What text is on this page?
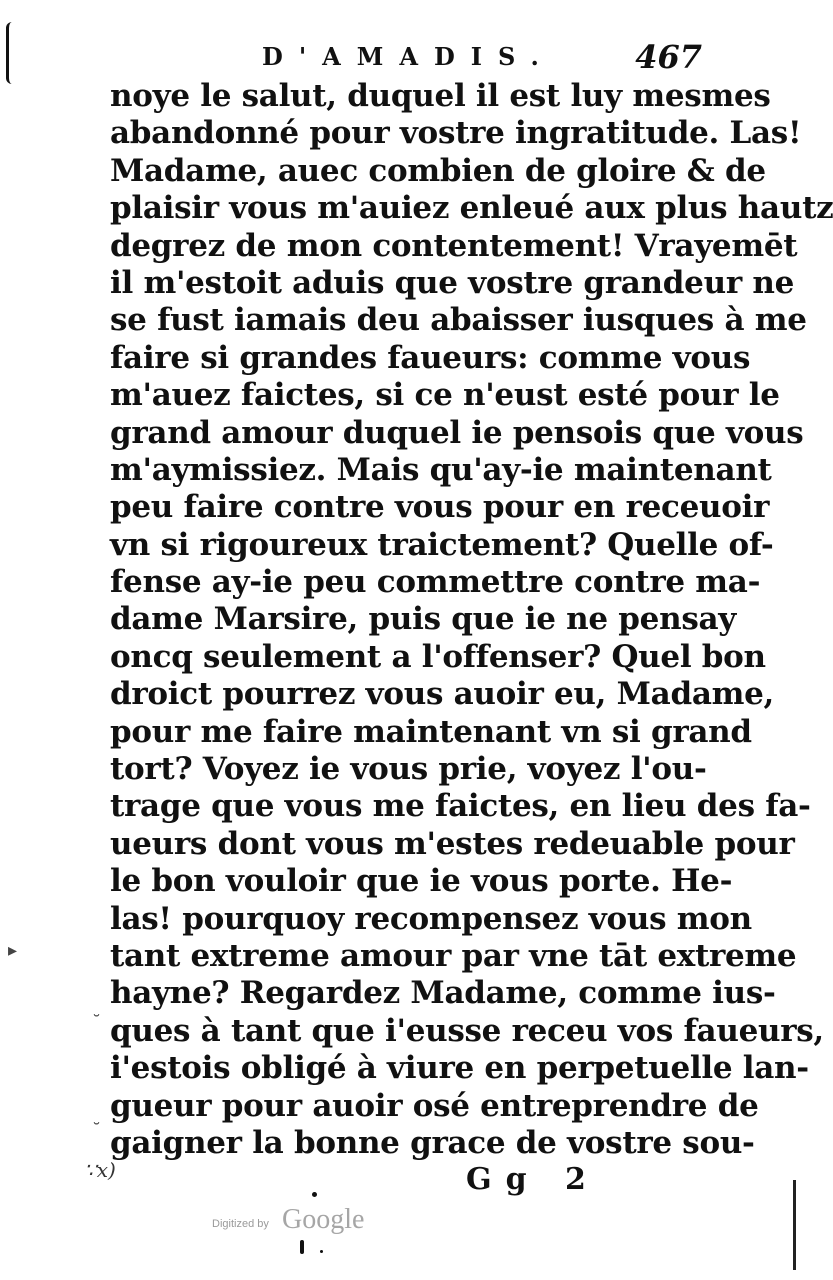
D'AMADIS.	467
noye le salut, duquel il est luy mesmes
abandonné pour vostre ingratitude. Las!
Madame, auec combien de gloire & de
plaisir vous m'auiez enleué aux plus hautz
degrez de mon contentement! Vrayemēt
il m'estoit aduis que vostre grandeur ne
se fust iamais deu abaisser iusques à me
faire si grandes faueurs: comme vous
m'auez faictes, si ce n'eust esté pour le
grand amour duquel ie pensois que vous
m'aymissiez. Mais qu'ay-ie maintenant
peu faire contre vous pour en receuoir
vn si rigoureux traictement? Quelle of-
fense ay-ie peu commettre contre ma-
dame Marsire, puis que ie ne pensay
oncq seulement a l'offenser? Quel bon
droict pourrez vous auoir eu, Madame,
pour me faire maintenant vn si grand
tort? Voyez ie vous prie, voyez l'ou-
trage que vous me faictes, en lieu des fa-
ueurs dont vous m'estes redeuable pour
le bon vouloir que ie vous porte. He-
las! pourquoy recompensez vous mon
tant extreme amour par vne tāt extreme
hayne? Regardez Madame, comme ius-
ques à tant que i'eusse receu vos faueurs,
i'estois obligé à viure en perpetuelle lan-
gueur pour auoir osé entreprendre de
gaigner la bonne grace de vostre sou-
∵x)
▸
˘
˘
Gg 2
Digitized by Google
